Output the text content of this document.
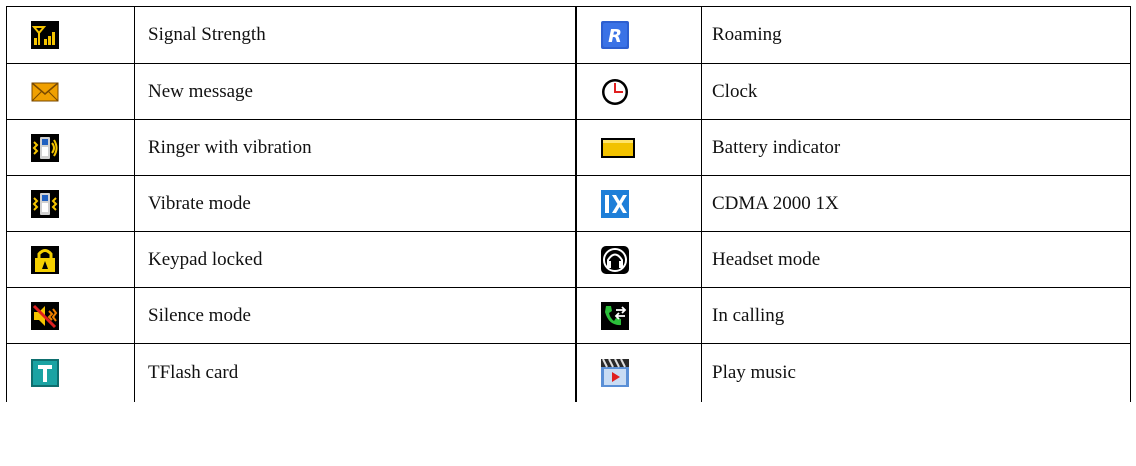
	Signal Strength	R	Roaming

	New message		Clock

	Ringer with vibration		Battery indicator

	Vibrate mode		CDMA 2000 1X

	Keypad locked		Headset mode

	Silence mode		In calling

	TFlash card		Play music
